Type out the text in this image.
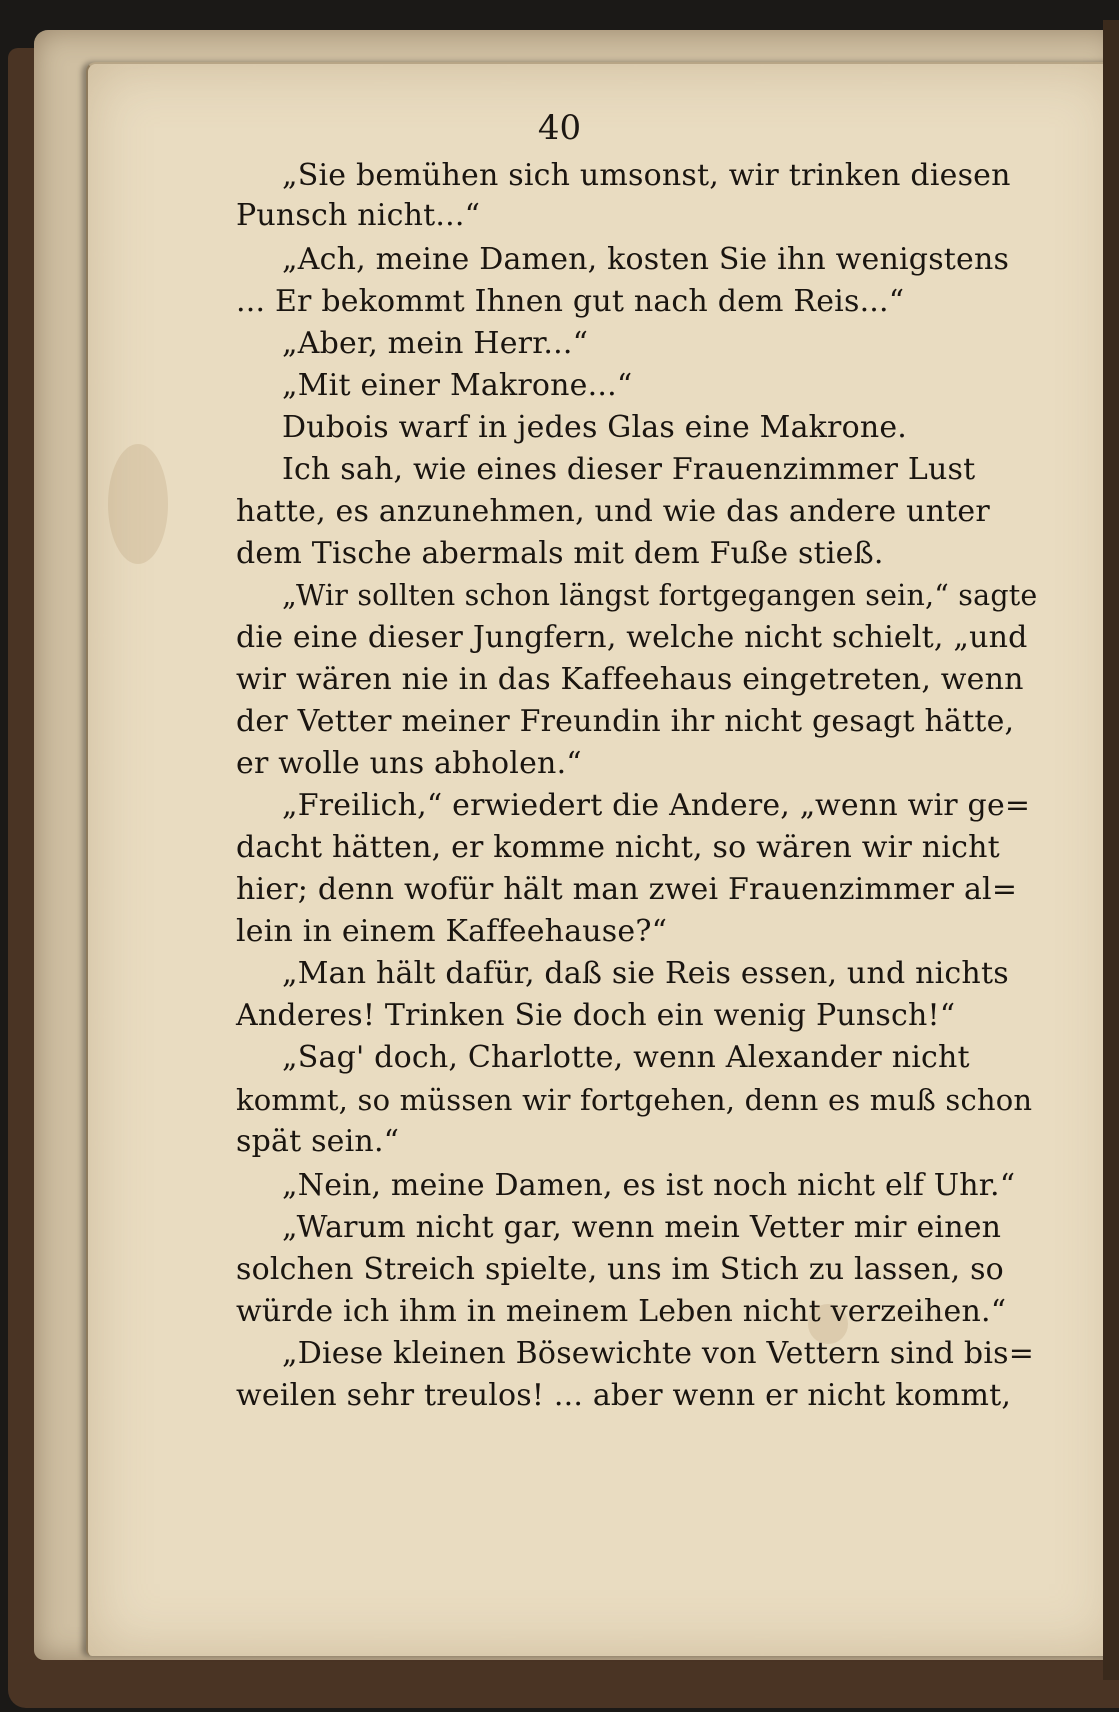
40
„Sie bemühen sich umsonst, wir trinken diesen
Punsch nicht...“
„Ach, meine Damen, kosten Sie ihn wenigstens
... Er bekommt Ihnen gut nach dem Reis...“
„Aber, mein Herr...“
„Mit einer Makrone...“
Dubois warf in jedes Glas eine Makrone.
Ich sah, wie eines dieser Frauenzimmer Lust
hatte, es anzunehmen, und wie das andere unter
dem Tische abermals mit dem Fuße stieß.
„Wir sollten schon längst fortgegangen sein,“ sagte
die eine dieser Jungfern, welche nicht schielt, „und
wir wären nie in das Kaffeehaus eingetreten, wenn
der Vetter meiner Freundin ihr nicht gesagt hätte,
er wolle uns abholen.“
„Freilich,“ erwiedert die Andere, „wenn wir ge=
dacht hätten, er komme nicht, so wären wir nicht
hier; denn wofür hält man zwei Frauenzimmer al=
lein in einem Kaffeehause?“
„Man hält dafür, daß sie Reis essen, und nichts
Anderes! Trinken Sie doch ein wenig Punsch!“
„Sag' doch, Charlotte, wenn Alexander nicht
kommt, so müssen wir fortgehen, denn es muß schon
spät sein.“
„Nein, meine Damen, es ist noch nicht elf Uhr.“
„Warum nicht gar, wenn mein Vetter mir einen
solchen Streich spielte, uns im Stich zu lassen, so
würde ich ihm in meinem Leben nicht verzeihen.“
„Diese kleinen Bösewichte von Vettern sind bis=
weilen sehr treulos! ... aber wenn er nicht kommt,
